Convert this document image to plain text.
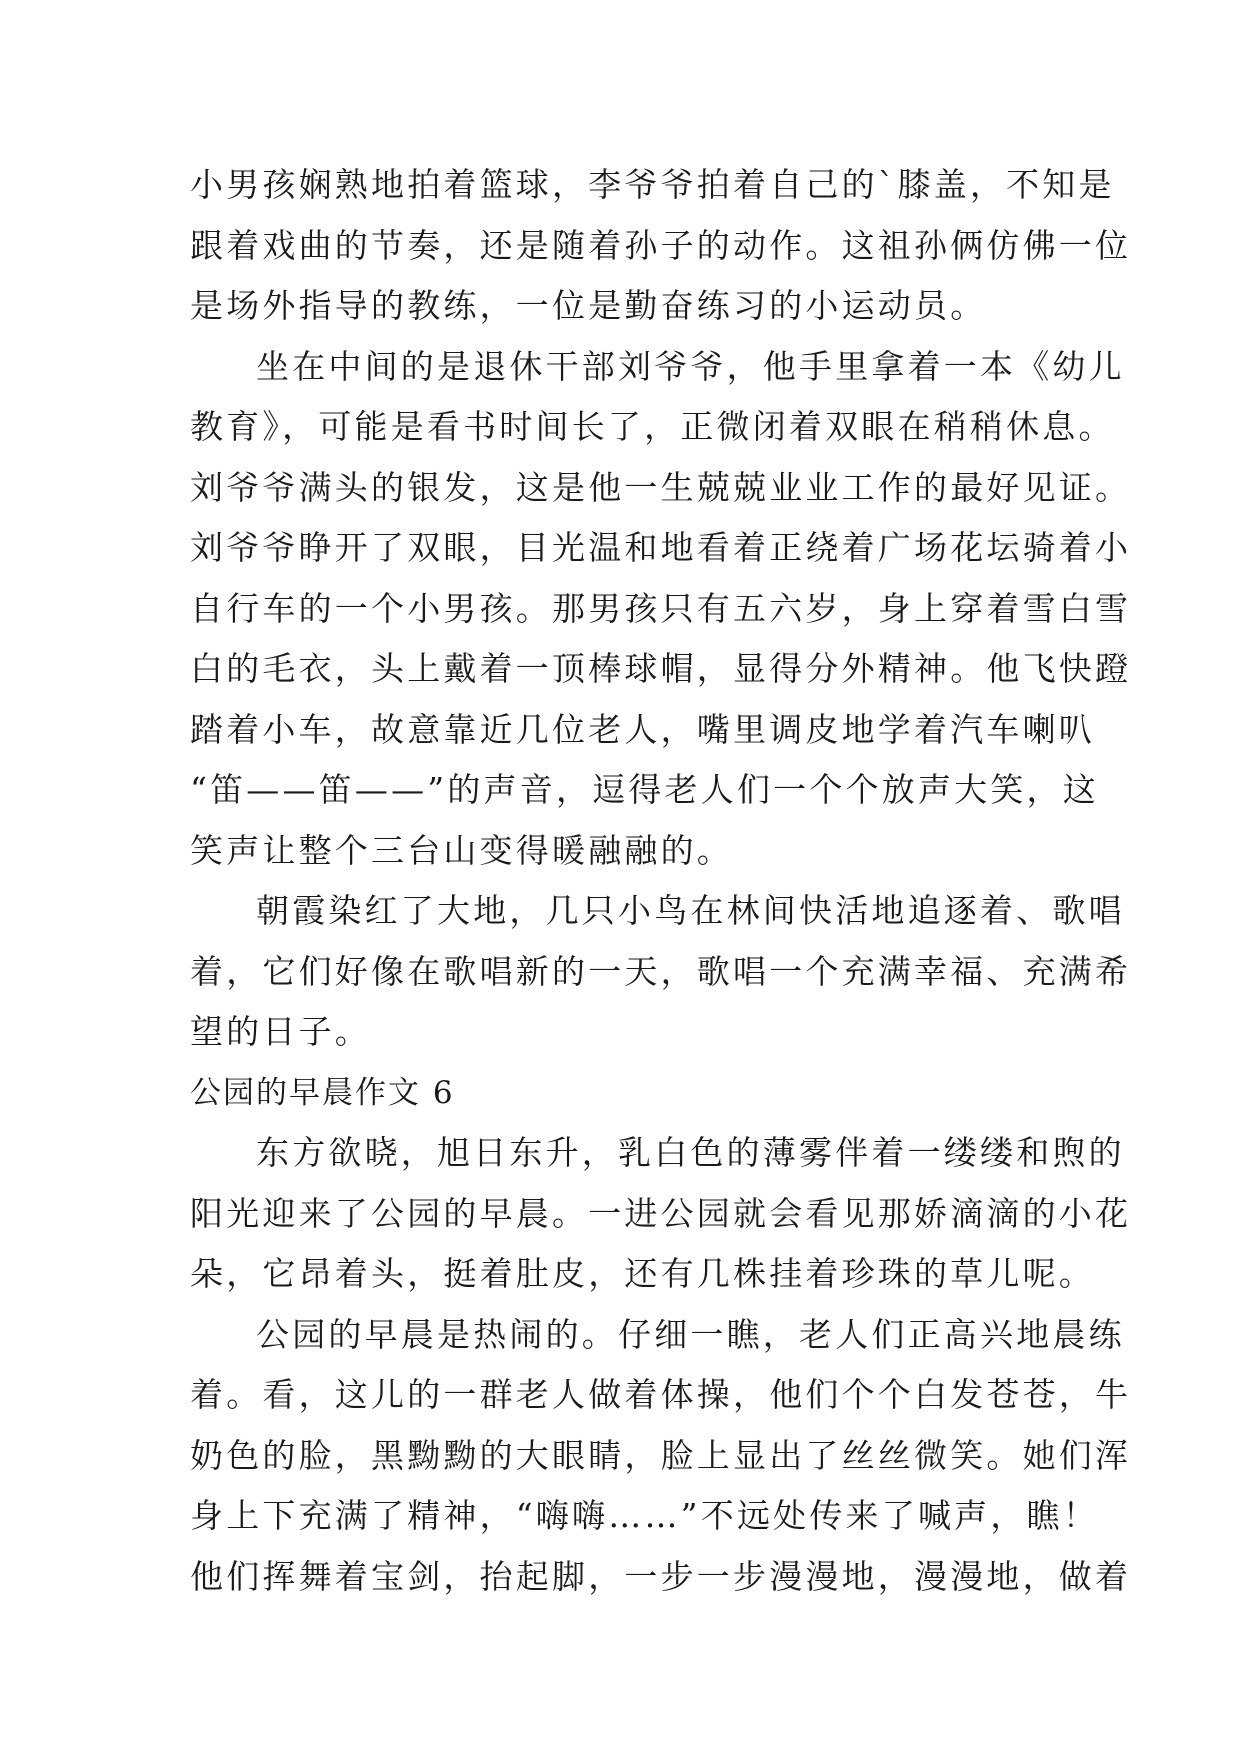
小男孩娴熟地拍着篮球，李爷爷拍着自己的`膝盖，不知是
跟着戏曲的节奏，还是随着孙子的动作。这祖孙俩仿佛一位
是场外指导的教练，一位是勤奋练习的小运动员。
坐在中间的是退休干部刘爷爷，他手里拿着一本《幼儿
教育》，可能是看书时间长了，正微闭着双眼在稍稍休息。
刘爷爷满头的银发，这是他一生兢兢业业工作的最好见证。
刘爷爷睁开了双眼，目光温和地看着正绕着广场花坛骑着小
自行车的一个小男孩。那男孩只有五六岁，身上穿着雪白雪
白的毛衣，头上戴着一顶棒球帽，显得分外精神。他飞快蹬
踏着小车，故意靠近几位老人，嘴里调皮地学着汽车喇叭
“笛——笛——”的声音，逗得老人们一个个放声大笑，这
笑声让整个三台山变得暖融融的。
朝霞染红了大地，几只小鸟在林间快活地追逐着、歌唱
着，它们好像在歌唱新的一天，歌唱一个充满幸福、充满希
望的日子。
公园的早晨作文 6
东方欲晓，旭日东升，乳白色的薄雾伴着一缕缕和煦的
阳光迎来了公园的早晨。一进公园就会看见那娇滴滴的小花
朵，它昂着头，挺着肚皮，还有几株挂着珍珠的草儿呢。
公园的早晨是热闹的。仔细一瞧，老人们正高兴地晨练
着。看，这儿的一群老人做着体操，他们个个白发苍苍，牛
奶色的脸，黑黝黝的大眼睛，脸上显出了丝丝微笑。她们浑
身上下充满了精神，“嗨嗨……”不远处传来了喊声，瞧！
他们挥舞着宝剑，抬起脚，一步一步漫漫地，漫漫地，做着
